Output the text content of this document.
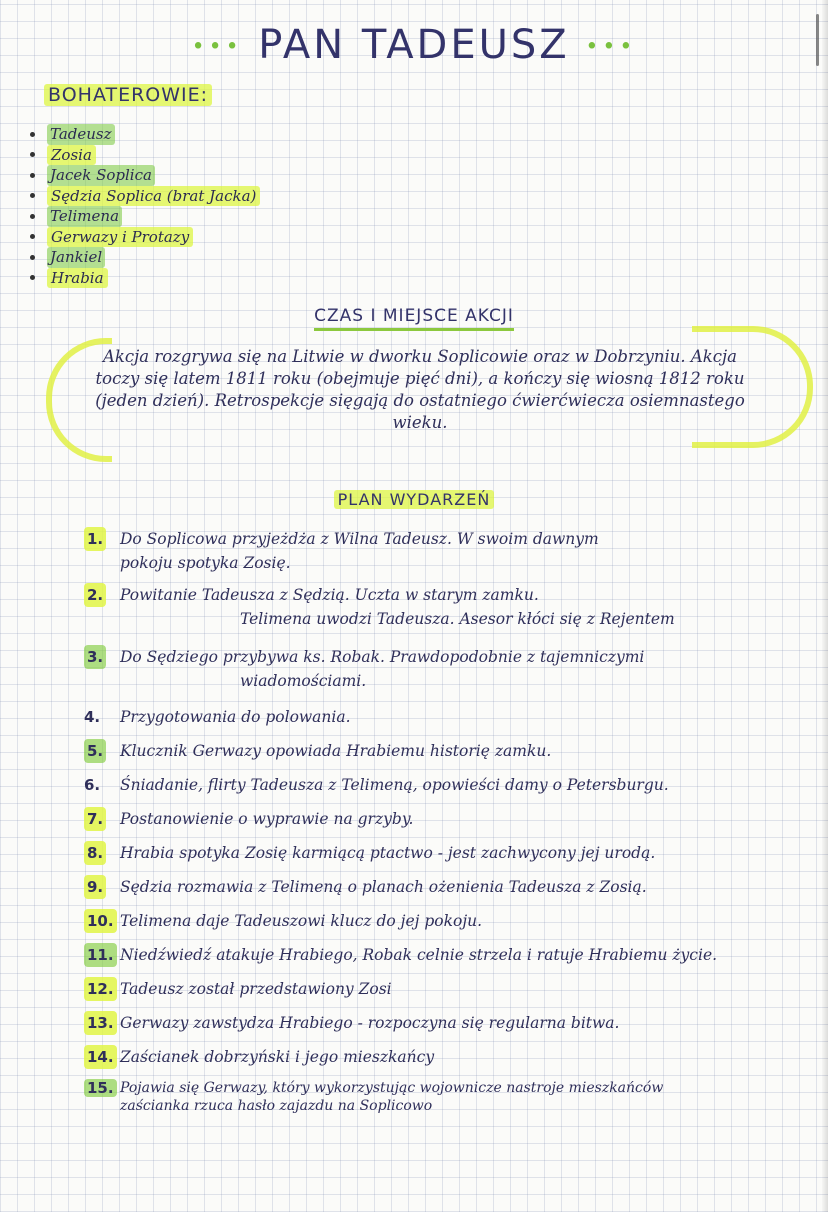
••• PAN TADEUSZ •••
BOHATEROWIE:
Tadeusz
Zosia
Jacek Soplica
Sędzia Soplica (brat Jacka)
Telimena
Gerwazy i Protazy
Jankiel
Hrabia
CZAS I MIEJSCE AKCJI
Akcja rozgrywa się na Litwie w dworku Soplicowie oraz w Dobrzyniu. Akcja toczy się latem 1811 roku (obejmuje pięć dni), a kończy się wiosną 1812 roku (jeden dzień). Retrospekcje sięgają do ostatniego ćwierćwiecza osiemnastego wieku.
PLAN WYDARZEŃ
1. Do Soplicowa przyjeżdża z Wilna Tadeusz. W swoim dawnym
pokoju spotyka Zosię.
2. Powitanie Tadeusza z Sędzią. Uczta w starym zamku.

Telimena uwodzi Tadeusza. Asesor kłóci się z Rejentem
3. Do Sędziego przybywa ks. Robak. Prawdopodobnie z tajemniczymi

wiadomościami.
4. Przygotowania do polowania.
5. Klucznik Gerwazy opowiada Hrabiemu historię zamku.
6. Śniadanie, flirty Tadeusza z Telimeną, opowieści damy o Petersburgu.
7. Postanowienie o wyprawie na grzyby.
8. Hrabia spotyka Zosię karmiącą ptactwo - jest zachwycony jej urodą.
9. Sędzia rozmawia z Telimeną o planach ożenienia Tadeusza z Zosią.
10. Telimena daje Tadeuszowi klucz do jej pokoju.
11. Niedźwiedź atakuje Hrabiego, Robak celnie strzela i ratuje Hrabiemu życie.
12. Tadeusz został przedstawiony Zosi
13. Gerwazy zawstydza Hrabiego - rozpoczyna się regularna bitwa.
14. Zaścianek dobrzyński i jego mieszkańcy
15. Pojawia się Gerwazy, który wykorzystując wojownicze nastroje mieszkańców
zaścianka rzuca hasło zajazdu na Soplicowo
